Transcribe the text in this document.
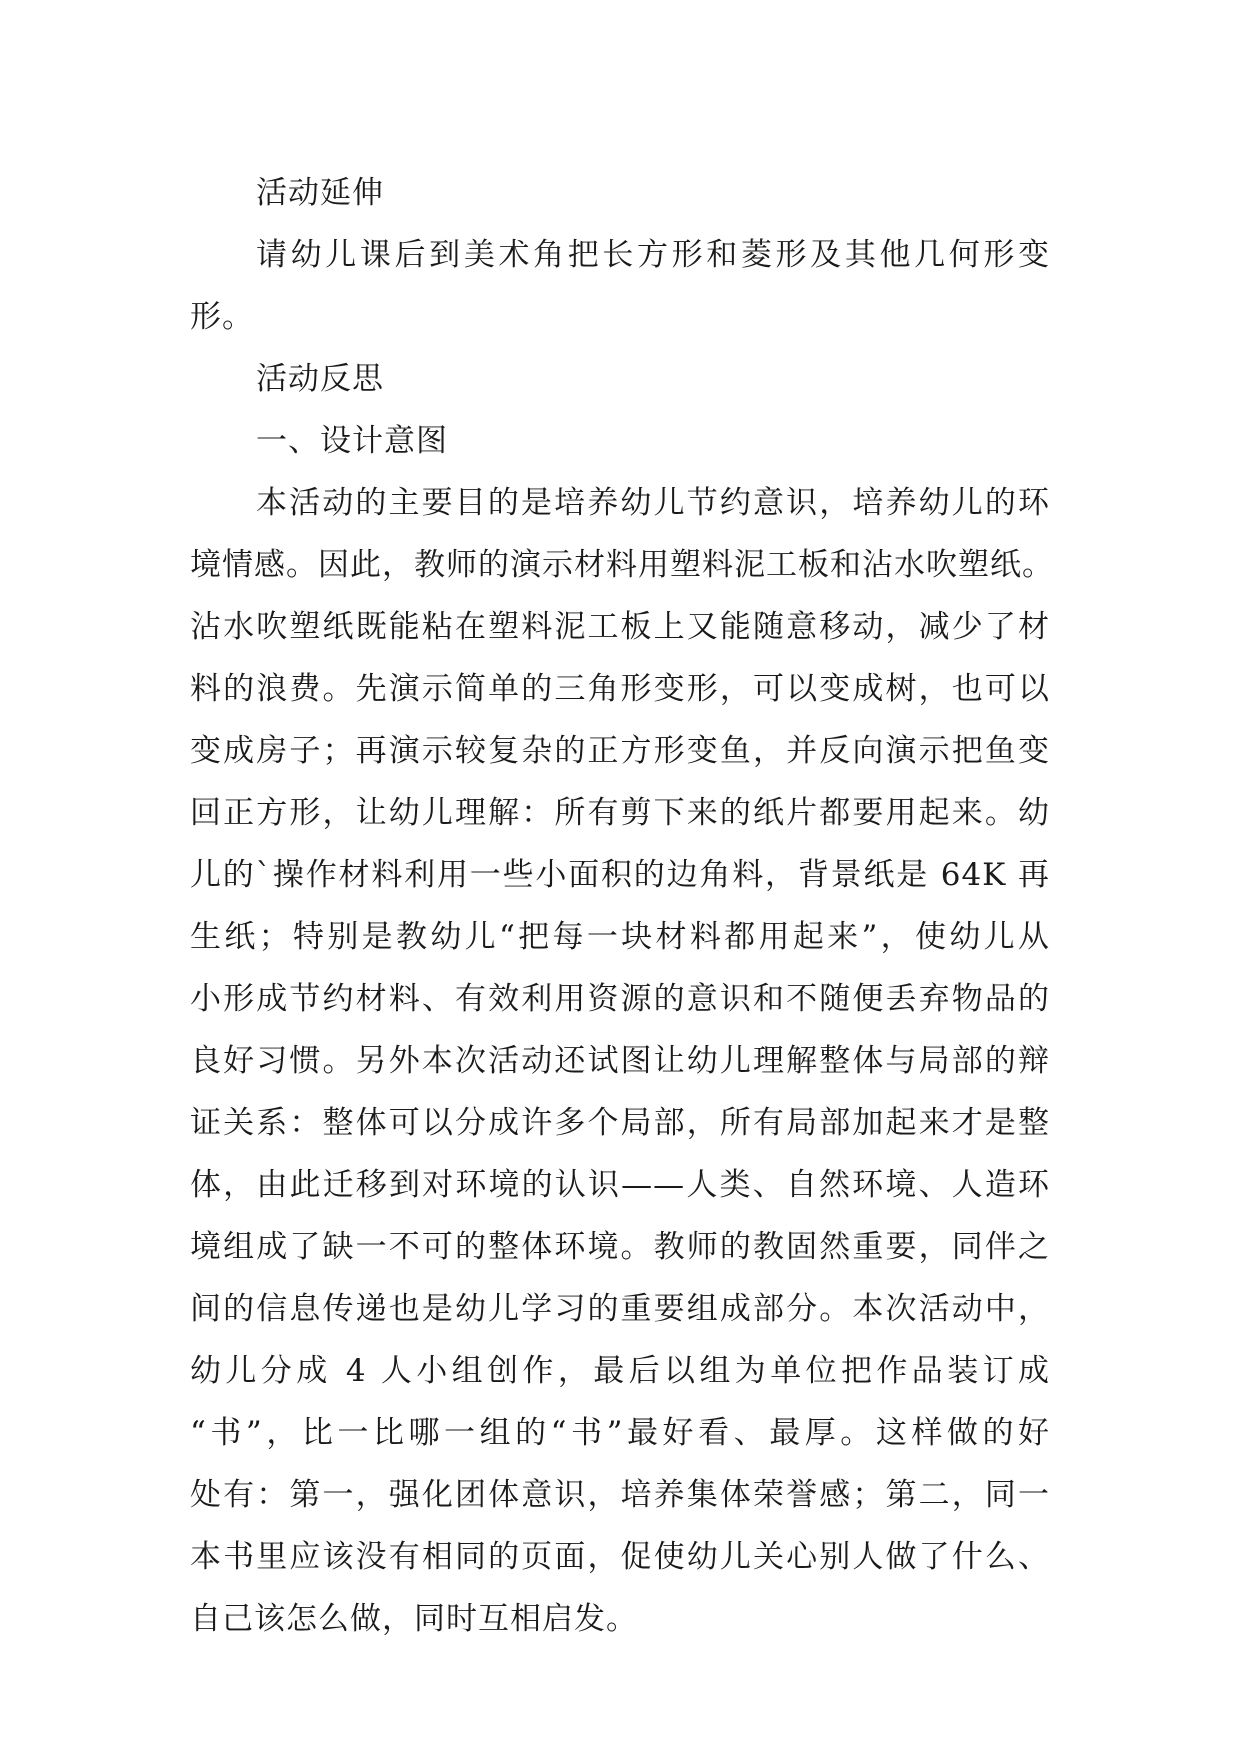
活动延伸
请幼儿课后到美术角把长方形和菱形及其他几何形变
形。
活动反思
一、设计意图
本活动的主要目的是培养幼儿节约意识，培养幼儿的环
境情感。因此，教师的演示材料用塑料泥工板和沾水吹塑纸。
沾水吹塑纸既能粘在塑料泥工板上又能随意移动，减少了材
料的浪费。先演示简单的三角形变形，可以变成树，也可以
变成房子；再演示较复杂的正方形变鱼，并反向演示把鱼变
回正方形，让幼儿理解：所有剪下来的纸片都要用起来。幼
儿的`操作材料利用一些小面积的边角料，背景纸是 64K 再
生纸；特别是教幼儿“把每一块材料都用起来”，使幼儿从
小形成节约材料、有效利用资源的意识和不随便丢弃物品的
良好习惯。另外本次活动还试图让幼儿理解整体与局部的辩
证关系：整体可以分成许多个局部，所有局部加起来才是整
体，由此迁移到对环境的认识——人类、自然环境、人造环
境组成了缺一不可的整体环境。教师的教固然重要，同伴之
间的信息传递也是幼儿学习的重要组成部分。本次活动中，
幼儿分成 4 人小组创作，最后以组为单位把作品装订成
“书”，比一比哪一组的“书”最好看、最厚。这样做的好
处有：第一，强化团体意识，培养集体荣誉感；第二，同一
本书里应该没有相同的页面，促使幼儿关心别人做了什么、
自己该怎么做，同时互相启发。
